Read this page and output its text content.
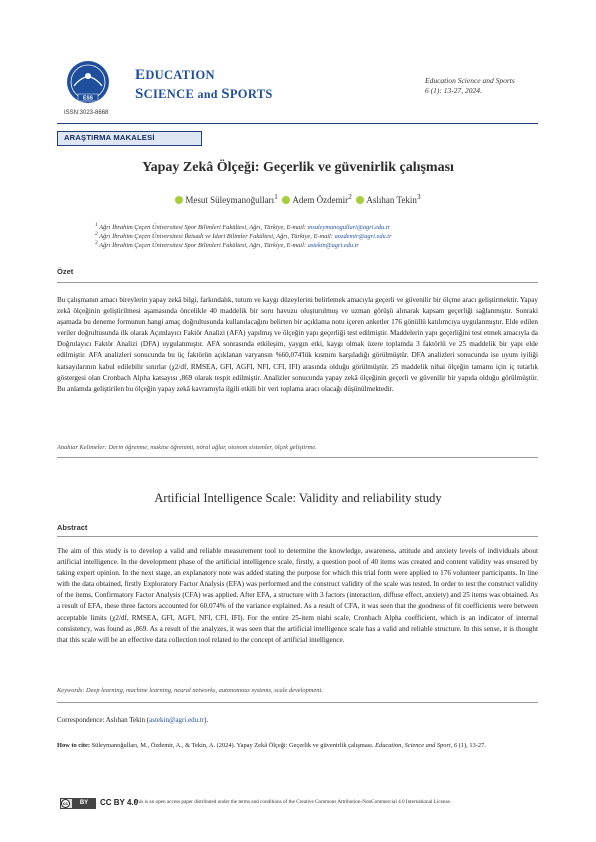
ESS
EDUCATION
SCIENCE and SPORTS
ISSN:3023-8668
Education Science and Sports
6 (1): 13-27, 2024.
ARAŞTIRMA MAKALESİ
Yapay Zekâ Ölçeği: Geçerlik ve güvenirlik çalışması
Mesut Süleymanoğulları$^1$ Adem Özdemir$^2$ Aslıhan Tekin$^3$
$^1$ Ağrı İbrahim Çeçen Üniversitesi Spor Bilimleri Fakültesi, Ağrı, Türkiye, E-mail: msuleymanogullari@agri.edu.tr
$^2$ Ağrı İbrahim Çeçen Üniversitesi İktisadi ve İdari Bilimler Fakültesi, Ağrı, Türkiye, E-mail: aozdemir@agri.edu.tr
$^3$ Ağrı İbrahim Çeçen Üniversitesi Spor Bilimleri Fakültesi, Ağrı, Türkiye, E-mail: astekin@agri.edu.tr
Özet
Bu çalışmanın amacı bireylerin yapay zekâ bilgi, farkındalık, tutum ve kaygı düzeylerini belirlemek amacıyla geçerli ve güvenilir bir ölçme aracı geliştirmektir. Yapay zekâ ölçeğinin geliştirilmesi aşamasında öncelikle 40 maddelik bir soru havuzu oluşturulmuş ve uzman görüşü alınarak kapsam geçerliği sağlanmıştır. Sonraki aşamada bu deneme formunun hangi amaç doğrultusunda kullanılacağını belirten bir açıklama notu içeren anketler 176 gönüllü katılımcıya uygulanmıştır. Elde edilen veriler doğrultusunda ilk olarak Açımlayıcı Faktör Analizi (AFA) yapılmış ve ölçeğin yapı geçerliği test edilmiştir. Maddelerin yapı geçerliğini test etmek amacıyla da Doğrulayıcı Faktör Analizi (DFA) uygulanmıştır. AFA sonrasında etkileşim, yaygın etki, kaygı olmak üzere toplamda 3 faktörlü ve 25 maddelik bir yapı elde edilmiştir. AFA analizleri sonucunda bu üç faktörün açıklanan varyansın %60,074'lük kısmını karşıladığı görülmüştür. DFA analizleri sonucunda ise uyum iyiliği katsayılarının kabul edilebilir sınırlar (χ2/df, RMSEA, GFI, AGFI, NFI, CFI, IFI) arasında olduğu görülmüştür. 25 maddelik nihai ölçeğin tamamı için iç tutarlık göstergesi olan Cronbach Alpha katsayısı ,869 olarak tespit edilmiştir. Analizler sonucunda yapay zekâ ölçeğinin geçerli ve güvenilir bir yapıda olduğu görülmüştür. Bu anlamda geliştirilen bu ölçeğin yapay zekâ kavramıyla ilgili etkili bir veri toplama aracı olacağı düşünülmektedir.
Anahtar Kelimeler: Derin öğrenme, makine öğrenimi, nöral ağlar, otonom sistemler, ölçek geliştirme.
Artificial Intelligence Scale: Validity and reliability study
Abstract
The aim of this study is to develop a valid and reliable measurement tool to determine the knowledge, awareness, attitude and anxiety levels of individuals about artificial intelligence. In the development phase of the artificial intelligence scale, firstly, a question pool of 40 items was created and content validity was ensured by taking expert opinion. In the next stage, an explanatory note was added stating the purpose for which this trial form were applied to 176 volunteer participants. In line with the data obtained, firstly Exploratory Factor Analysis (EFA) was performed and the construct validity of the scale was tested. In order to test the construct validity of the items, Confirmatory Factor Analysis (CFA) was applied. After EFA, a structure with 3 factors (interaction, diffuse effect, anxiety) and 25 items was obtained. As a result of EFA, these three factors accounted for 60.074% of the variance explained. As a result of CFA, it was seen that the goodness of fit coefficients were between acceptable limits (χ2/df, RMSEA, GFI, AGFI, NFI, CFI, IFI). For the entire 25-item niahi scale, Cronbach Alpha coefficient, which is an indicator of internal consistency, was found as ,869. As a result of the analyzes, it was seen that the artificial intelligence scale has a valid and reliable structure. In this sense, it is thought that this scale will be an effective data collection tool related to the concept of artificial intelligence.
Keywords: Deep learning, machine learning, neural networks, autonomous systems, scale development.
Correspondence: Aslıhan Tekin (astekin@agri.edu.tr).
How to cite: Süleymanoğulları, M., Özdemir, A., & Tekin, A. (2024). Yapay Zekâ Ölçeği: Geçerlik ve güvenirlik çalışması. Education, Science and Sport, 6 (1), 13-27.
cc	BY	CC BY 4.0
This is an open access paper distributed under the terms and conditions of the Creative Commons Attribution-NonCommercial 4.0 International License.
